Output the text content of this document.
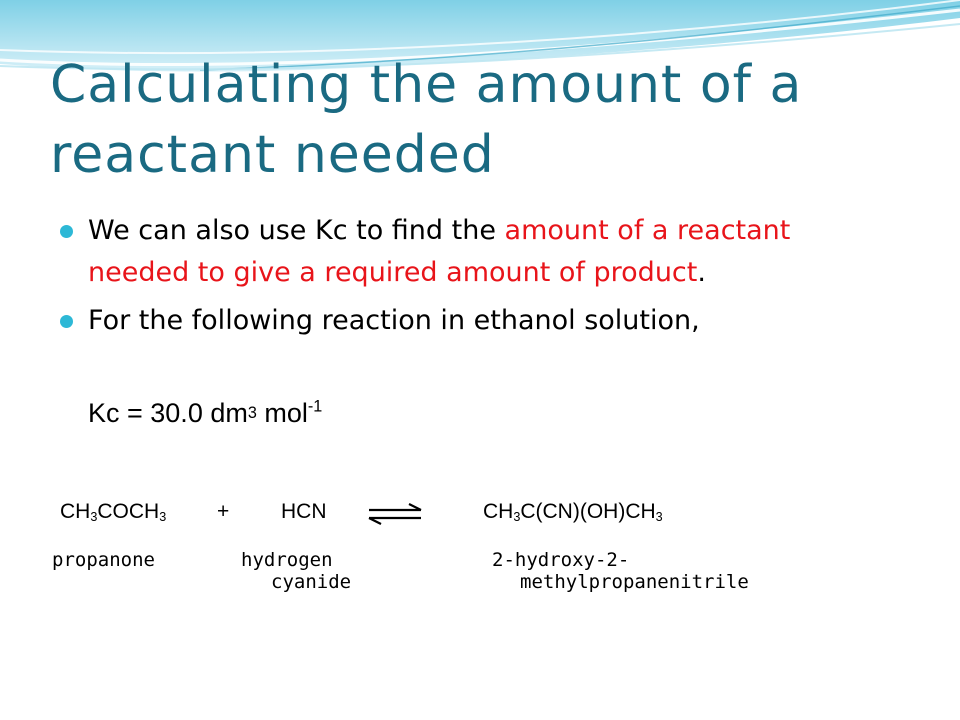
Calculating the amount of a reactant needed
We can also use Kc to find the amount of a reactant needed to give a required amount of product.
For the following reaction in ethanol solution,
Kc = 30.0 dm3 mol$^{-1}$
$CH_3COCH_3$ + HCN	$CH_3C(CN)(OH)CH_3$
propanone	hydrogen
cyanide
2-hydroxy-2-
methylpropanenitrile
